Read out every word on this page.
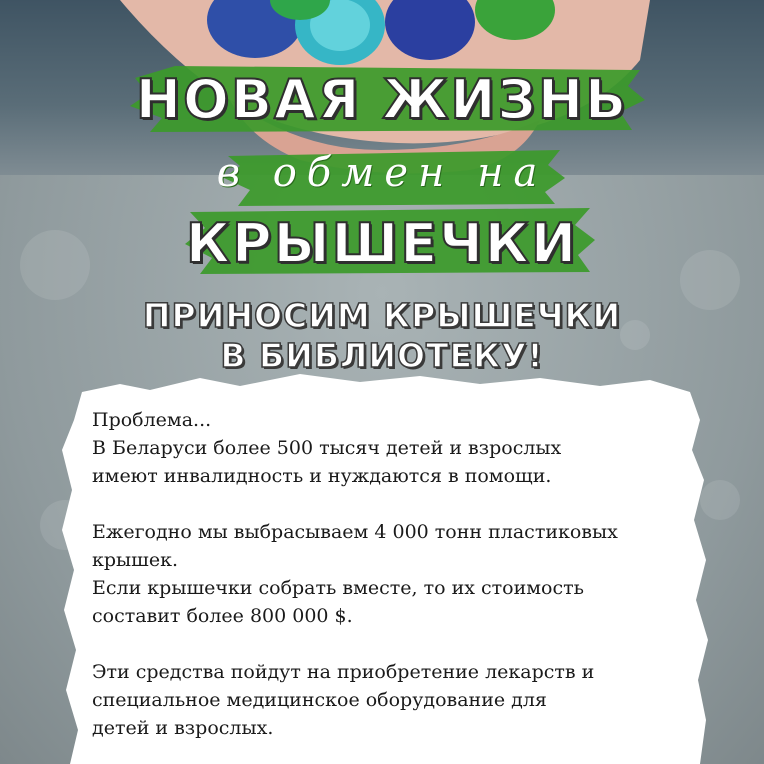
НОВАЯ ЖИЗНЬ
в обмен на
КРЫШЕЧКИ
ПРИНОСИМ КРЫШЕЧКИ
В БИБЛИОТЕКУ!

Проблема...

В Беларуси более 500 тысяч детей и взрослых

имеют инвалидность и нуждаются в помощи.

Ежегодно мы выбрасываем 4 000 тонн пластиковых

крышек.

Если крышечки собрать вместе, то их стоимость

составит более 800 000 $.

Эти средства пойдут на приобретение лекарств и

специальное медицинское оборудование для

детей и взрослых.
